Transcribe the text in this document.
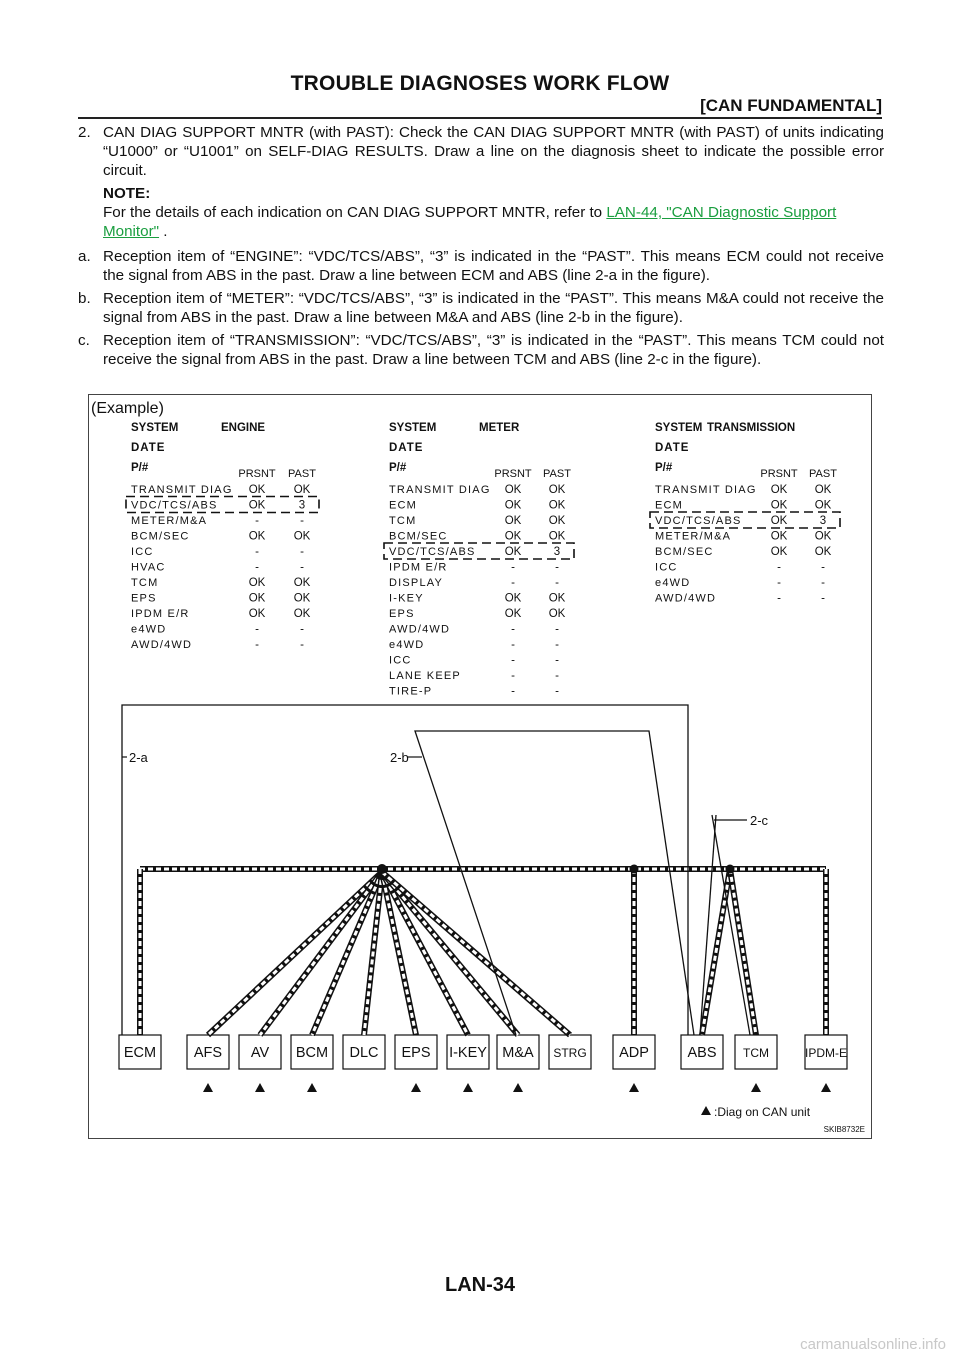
TROUBLE DIAGNOSES WORK FLOW
[CAN FUNDAMENTAL]
2. CAN DIAG SUPPORT MNTR (with PAST): Check the CAN DIAG SUPPORT MNTR (with PAST) of units indicating “U1000” or “U1001” on SELF-DIAG RESULTS. Draw a line on the diagnosis sheet to indicate the possible error circuit.
NOTE:
For the details of each indication on CAN DIAG SUPPORT MNTR, refer to LAN-44, "CAN Diagnostic Support Monitor" .
a. Reception item of “ENGINE”: “VDC/TCS/ABS”, “3” is indicated in the “PAST”. This means ECM could not receive the signal from ABS in the past. Draw a line between ECM and ABS (line 2-a in the figure).
b. Reception item of “METER”: “VDC/TCS/ABS”, “3” is indicated in the “PAST”. This means M&A could not receive the signal from ABS in the past. Draw a line between M&A and ABS (line 2-b in the figure).
c. Reception item of “TRANSMISSION”: “VDC/TCS/ABS”, “3” is indicated in the “PAST”. This means TCM could not receive the signal from ABS in the past. Draw a line between TCM and ABS (line 2-c in the figure).
(Example)
SYSTEM	ENGINE
DATE
P/#	PRSNT PAST
TRANSMIT DIAG OK OK
VDC/TCS/ABS	OK	3
METER/M&A	-	-
BCM/SEC	OK OK
ICC	-	-
HVAC	-	-
TCM	OK OK
EPS	OK OK
IPDM E/R	OK OK
e4WD	-	-
AWD/4WD	-	-
SYSTEM	METER
DATE
P/#	PRSNT PAST
TRANSMIT DIAG OK OK
ECM	OK OK
TCM	OK OK
BCM/SEC	OK OK
VDC/TCS/ABS	OK	3
IPDM E/R	-	-
DISPLAY	-	-
I-KEY	OK OK
EPS	OK OK
AWD/4WD	-	-
e4WD	-	-
ICC	-	-
LANE KEEP	-	-
TIRE-P	-	-
SYSTEM TRANSMISSION
DATE
P/#	PRSNT PAST
TRANSMIT DIAG OK OK
ECM	OK OK
VDC/TCS/ABS	OK	3
METER/M&A	OK OK
BCM/SEC	OK OK
ICC	-	-
e4WD	-	-
AWD/4WD	-	-
ECM	AFS AV BCM DLC EPS I-KEY M&A STRG ADP	ABS TCM	IPDM-E
2-a	2-b
2-c
:Diag on CAN unit
SKIB8732E
LAN-34
carmanualsonline.info
